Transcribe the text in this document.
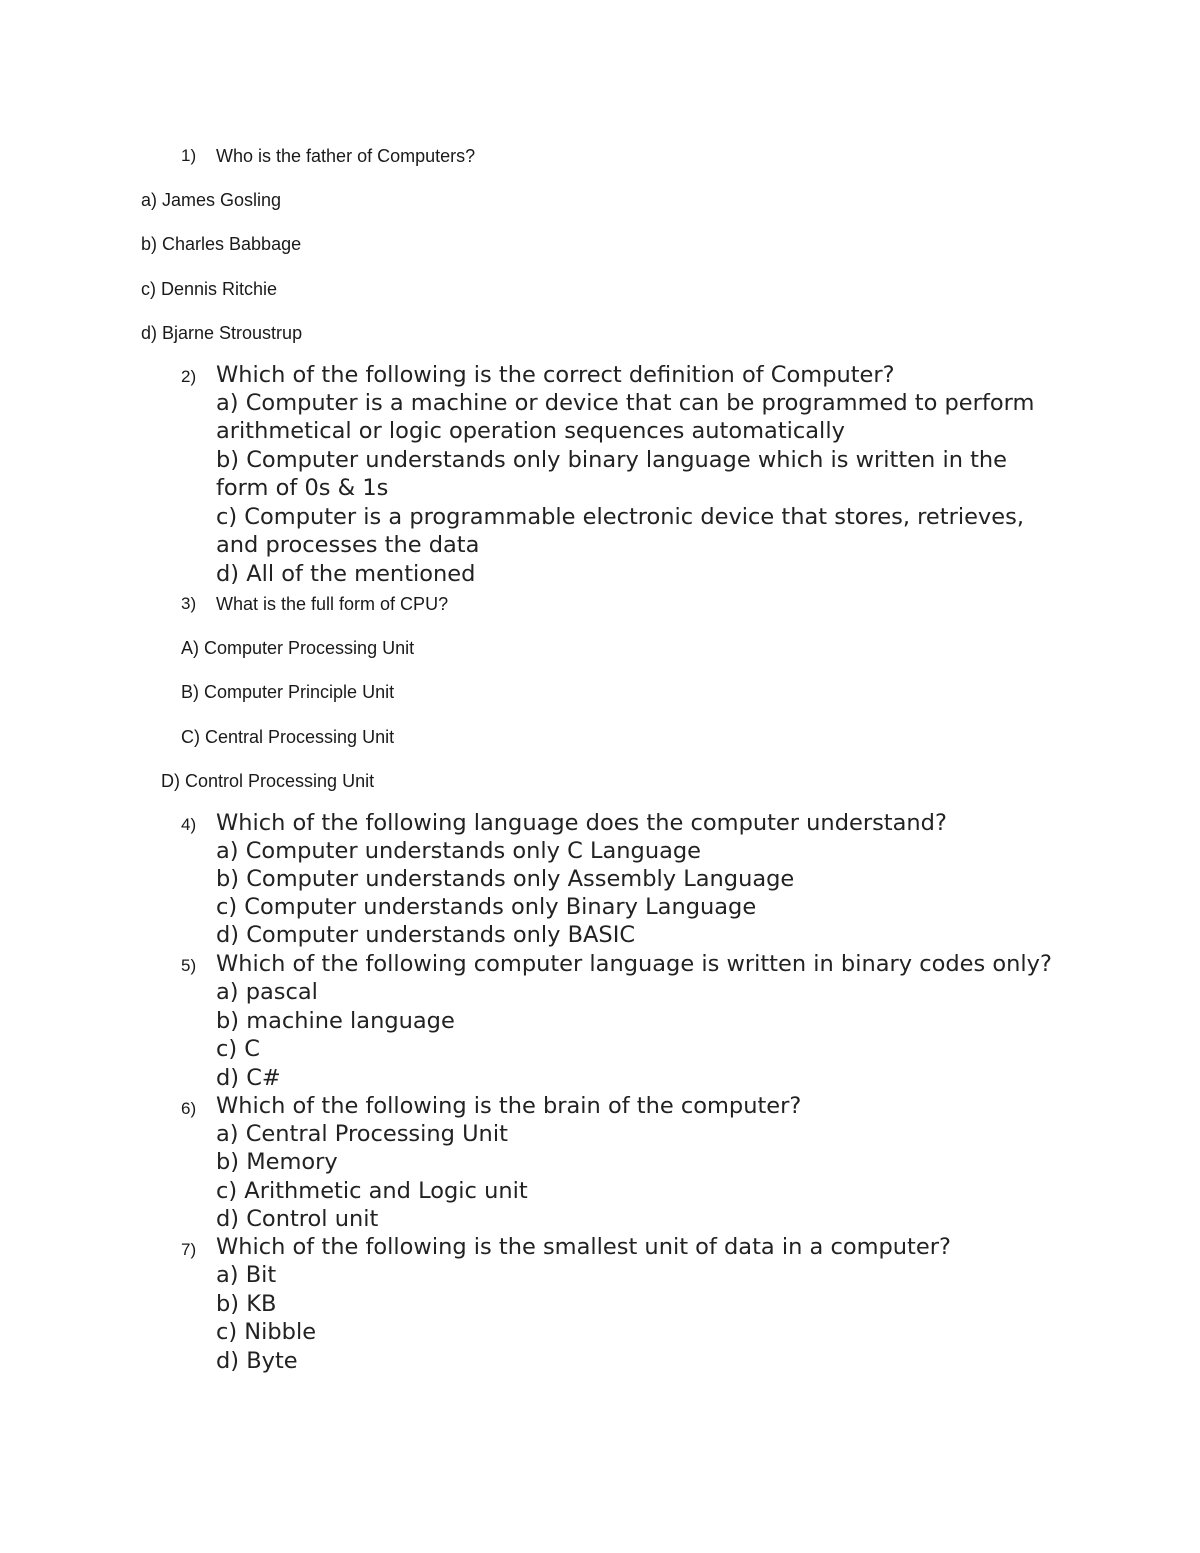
1) Who is the father of Computers?
a) James Gosling
b) Charles Babbage
c) Dennis Ritchie
d) Bjarne Stroustrup
2) Which of the following is the correct definition of Computer?
a) Computer is a machine or device that can be programmed to perform
arithmetical or logic operation sequences automatically
b) Computer understands only binary language which is written in the
form of 0s & 1s
c) Computer is a programmable electronic device that stores, retrieves,
and processes the data
d) All of the mentioned
3) What is the full form of CPU?
A) Computer Processing Unit
B) Computer Principle Unit
C) Central Processing Unit
D) Control Processing Unit
4) Which of the following language does the computer understand?
a) Computer understands only C Language
b) Computer understands only Assembly Language
c) Computer understands only Binary Language
d) Computer understands only BASIC
5) Which of the following computer language is written in binary codes only?
a) pascal
b) machine language
c) C
d) C#
6) Which of the following is the brain of the computer?
a) Central Processing Unit
b) Memory
c) Arithmetic and Logic unit
d) Control unit
7) Which of the following is the smallest unit of data in a computer?
a) Bit
b) KB
c) Nibble
d) Byte
